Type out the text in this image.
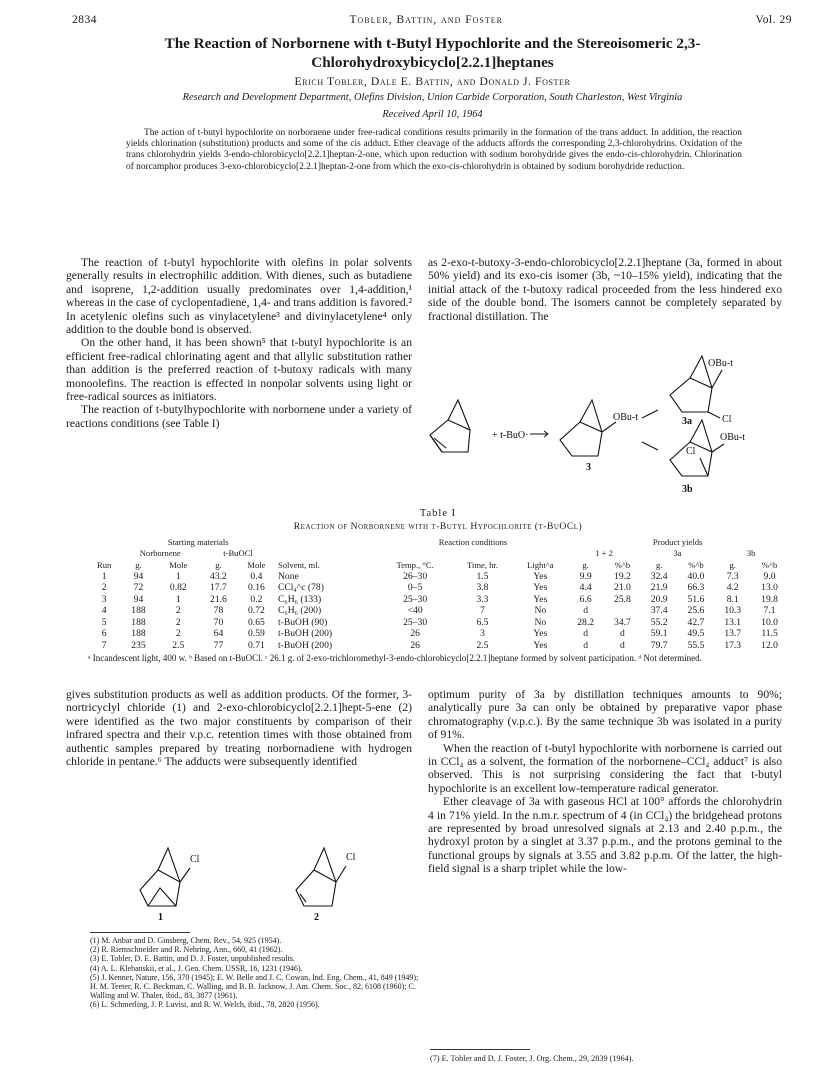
2834	Tobler, Battin, and Foster	Vol. 29
The Reaction of Norbornene with t-Butyl Hypochlorite and the Stereoisomeric 2,3-Chlorohydroxybicyclo[2.2.1]heptanes
Erich Tobler, Dale E. Battin, and Donald J. Foster
Research and Development Department, Olefins Division, Union Carbide Corporation, South Charleston, West Virginia
Received April 10, 1964

The action of t-butyl hypochlorite on norbornene under free-radical conditions results primarily in the formation of the trans adduct. In addition, the reaction yields chlorination (substitution) products and some of the cis adduct. Ether cleavage of the adducts affords the corresponding 2,3-chlorohydrins. Oxidation of the trans chlorohydrin yields 3-endo-chlorobicyclo[2.2.1]heptan-2-one, which upon reduction with sodium borohydride gives the endo-cis-chlorohydrin. Chlorination of norcamphor produces 3-exo-chlorobicyclo[2.2.1]heptan-2-one from which the exo-cis-chlorohydrin is obtained by sodium borohydride reduction.

The reaction of t-butyl hypochlorite with olefins in polar solvents generally results in electrophilic addition. With dienes, such as butadiene and isoprene, 1,2-addition usually predominates over 1,4-addition,¹ whereas in the case of cyclopentadiene, 1,4- and trans addition is favored.² In acetylenic olefins such as vinylacetylene³ and divinylacetylene⁴ only addition to the double bond is observed.

On the other hand, it has been shown⁵ that t-butyl hypochlorite is an efficient free-radical chlorinating agent and that allylic substitution rather than addition is the preferred reaction of t-butoxy radicals with many monoolefins. The reaction is effected in nonpolar solvents using light or free-radical sources as initiators.

The reaction of t-butylhypochlorite with norbornene under a variety of reactions conditions (see Table I)

as 2-exo-t-butoxy-3-endo-chlorobicyclo[2.2.1]heptane (3a, formed in about 50% yield) and its exo-cis isomer (3b, ~10–15% yield), indicating that the initial attack of the t-butoxy radical proceeded from the less hindered exo side of the double bond. The isomers cannot be completely separated by fractional distillation. The

+ t-BuO·
OBu-t
3
OBu-t
3a	Cl
OBu-t
Cl
3b
Table I
Reaction of Norbornene with t-Butyl Hypochlorite (t-BuOCl)
	Starting materials					Reaction conditions			Product yields					
	Norbornene		t-BuOCl						1 + 2		3a		3b	
Run	g.	Mole	g.	Mole	Solvent, ml.	Temp., °C.	Time, hr.	Light^a	g.	%^b	g.	%^b	g.	%^b
1	94	1	43.2	0.4	None	26–30	1.5	Yes	9.9	19.2	32.4	40.0	7.3	9.0
2	72	0.82	17.7	0.16	CCl₄^c (78)	0–5	3.8	Yes	4.4	21.0	21.9	66.3	4.2	13.0
3	94	1	21.6	0.2	C₆H₆ (133)	25–30	3.3	Yes	6.6	25.8	20.9	51.6	8.1	19.8
4	188	2	78	0.72	C₆H₆ (200)	<40	7	No	d		37.4	25.6	10.3	7.1
5	188	2	70	0.65	t-BuOH (90)	25–30	6.5	No	28.2	34.7	55.2	42.7	13.1	10.0
6	188	2	64	0.59	t-BuOH (200)	26	3	Yes	d	d	59.1	49.5	13.7	11.5
7	235	2.5	77	0.71	t-BuOH (200)	26	2.5	Yes	d	d	79.7	55.5	17.3	12.0
ᵃ Incandescent light, 400 w. ᵇ Based on t-BuOCl. ᶜ 26.1 g. of 2-exo-trichloromethyl-3-endo-chlorobicyclo[2.2.1]heptane formed by solvent participation. ᵈ Not determined.

gives substitution products as well as addition products. Of the former, 3-nortricyclyl chloride (1) and 2-exo-chlorobicyclo[2.2.1]hept-5-ene (2) were identified as the two major constituents by comparison of their infrared spectra and their v.p.c. retention times with those obtained from authentic samples prepared by treating norbornadiene with hydrogen chloride in pentane.⁶ The adducts were subsequently identified

Cl
1
Cl
2

optimum purity of 3a by distillation techniques amounts to 90%; analytically pure 3a can only be obtained by preparative vapor phase chromatography (v.p.c.). By the same technique 3b was isolated in a purity of 91%.

When the reaction of t-butyl hypochlorite with norbornene is carried out in CCl₄ as a solvent, the formation of the norbornene–CCl₄ adduct⁷ is also observed. This is not surprising considering the fact that t-butyl hypochlorite is an excellent low-temperature radical generator.

Ether cleavage of 3a with gaseous HCl at 100° affords the chlorohydrin 4 in 71% yield. In the n.m.r. spectrum of 4 (in CCl₄) the bridgehead protons are represented by broad unresolved signals at 2.13 and 2.40 p.p.m., the hydroxyl proton by a singlet at 3.37 p.p.m., and the protons geminal to the functional groups by signals at 3.55 and 3.82 p.p.m. Of the latter, the high-field signal is a sharp triplet while the low-

(1) M. Anbar and D. Ginsberg, Chem. Rev., 54, 925 (1954).
(2) R. Riemschneider and R. Nehring, Ann., 660, 41 (1962).
(3) E. Tobler, D. E. Battin, and D. J. Foster, unpublished results.
(4) A. L. Klebanskii, et al., J. Gen. Chem. USSR, 16, 1231 (1946).
(5) J. Kenner, Nature, 156, 370 (1945); E. W. Belle and J. C. Cowan, Ind. Eng. Chem., 41, 849 (1949); H. M. Teeter, R. C. Beckman, C. Walling, and B. B. Jacknow, J. Am. Chem. Soc., 82, 6108 (1960); C. Walling and W. Thaler, ibid., 83, 3877 (1961).
(6) L. Schmerling, J. P. Luvisi, and R. W. Welch, ibid., 78, 2820 (1956).
(7) E. Tobler and D. J. Foster, J. Org. Chem., 29, 2839 (1964).
